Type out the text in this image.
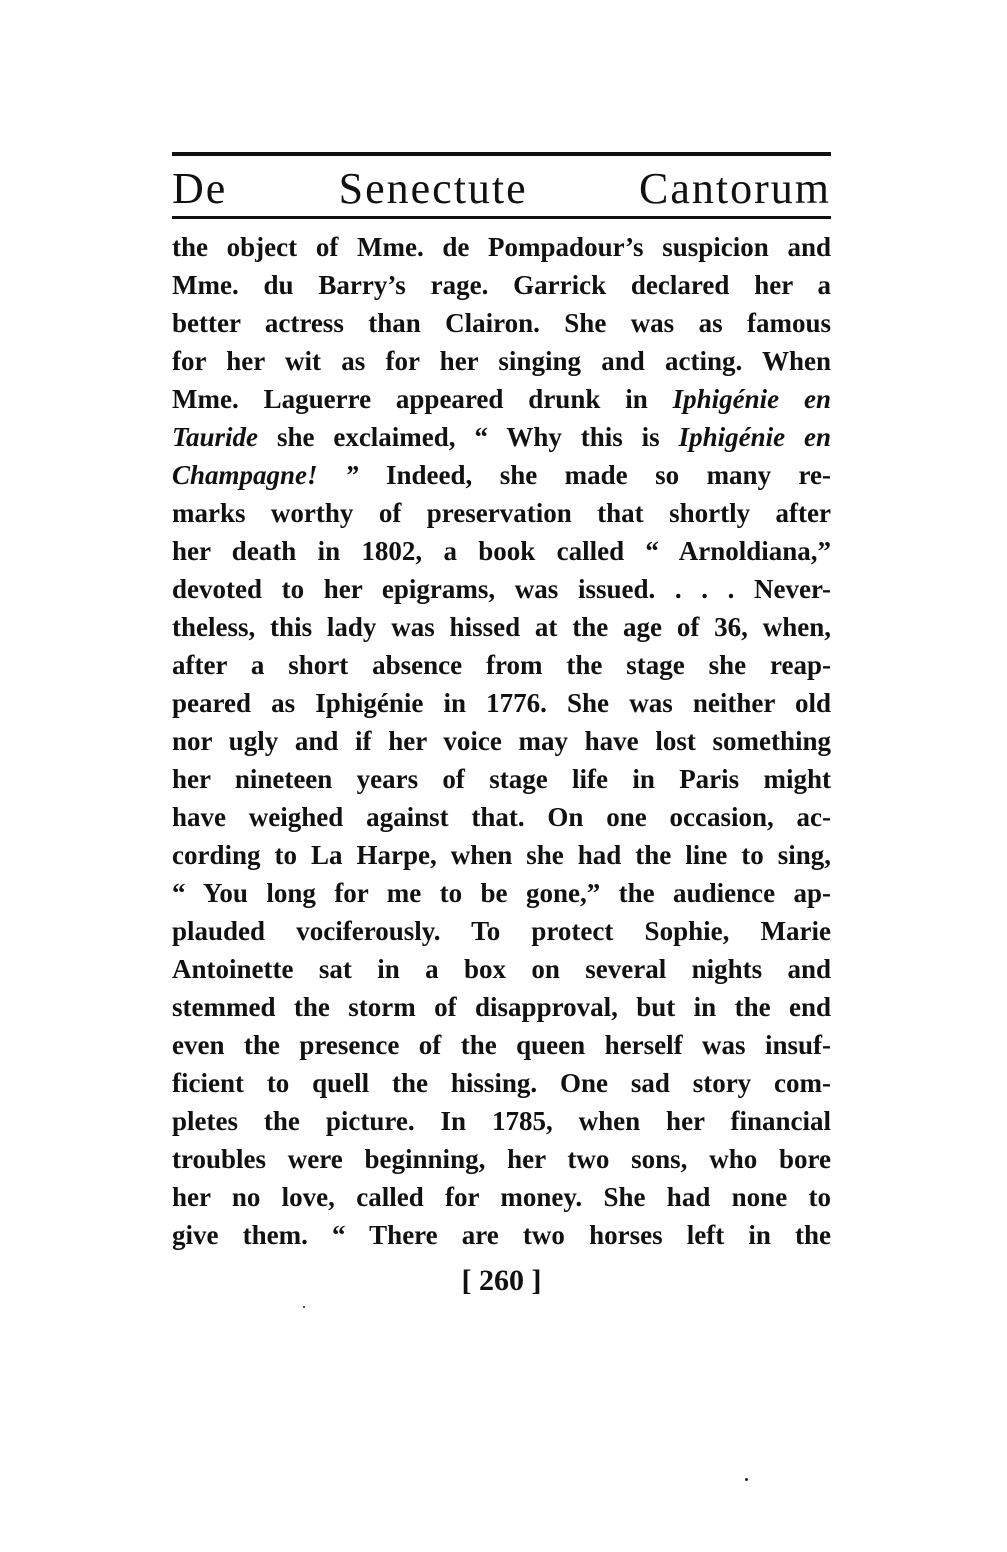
De	Senectute	Cantorum
the object of Mme. de Pompadour’s suspicion and
Mme. du Barry’s rage. Garrick declared her a
better actress than Clairon. She was as famous
for her wit as for her singing and acting. When
Mme. Laguerre appeared drunk in Iphigénie en
Tauride she exclaimed, “ Why this is Iphigénie en
Champagne! ” Indeed, she made so many re-
marks worthy of preservation that shortly after
her death in 1802, a book called “ Arnoldiana,”
devoted to her epigrams, was issued. . . . Never-
theless, this lady was hissed at the age of 36, when,
after a short absence from the stage she reap-
peared as Iphigénie in 1776. She was neither old
nor ugly and if her voice may have lost something
her nineteen years of stage life in Paris might
have weighed against that. On one occasion, ac-
cording to La Harpe, when she had the line to sing,
“ You long for me to be gone,” the audience ap-
plauded vociferously. To protect Sophie, Marie
Antoinette sat in a box on several nights and
stemmed the storm of disapproval, but in the end
even the presence of the queen herself was insuf-
ficient to quell the hissing. One sad story com-
pletes the picture. In 1785, when her financial
troubles were beginning, her two sons, who bore
her no love, called for money. She had none to
give them. “ There are two horses left in the
[ 260 ]
